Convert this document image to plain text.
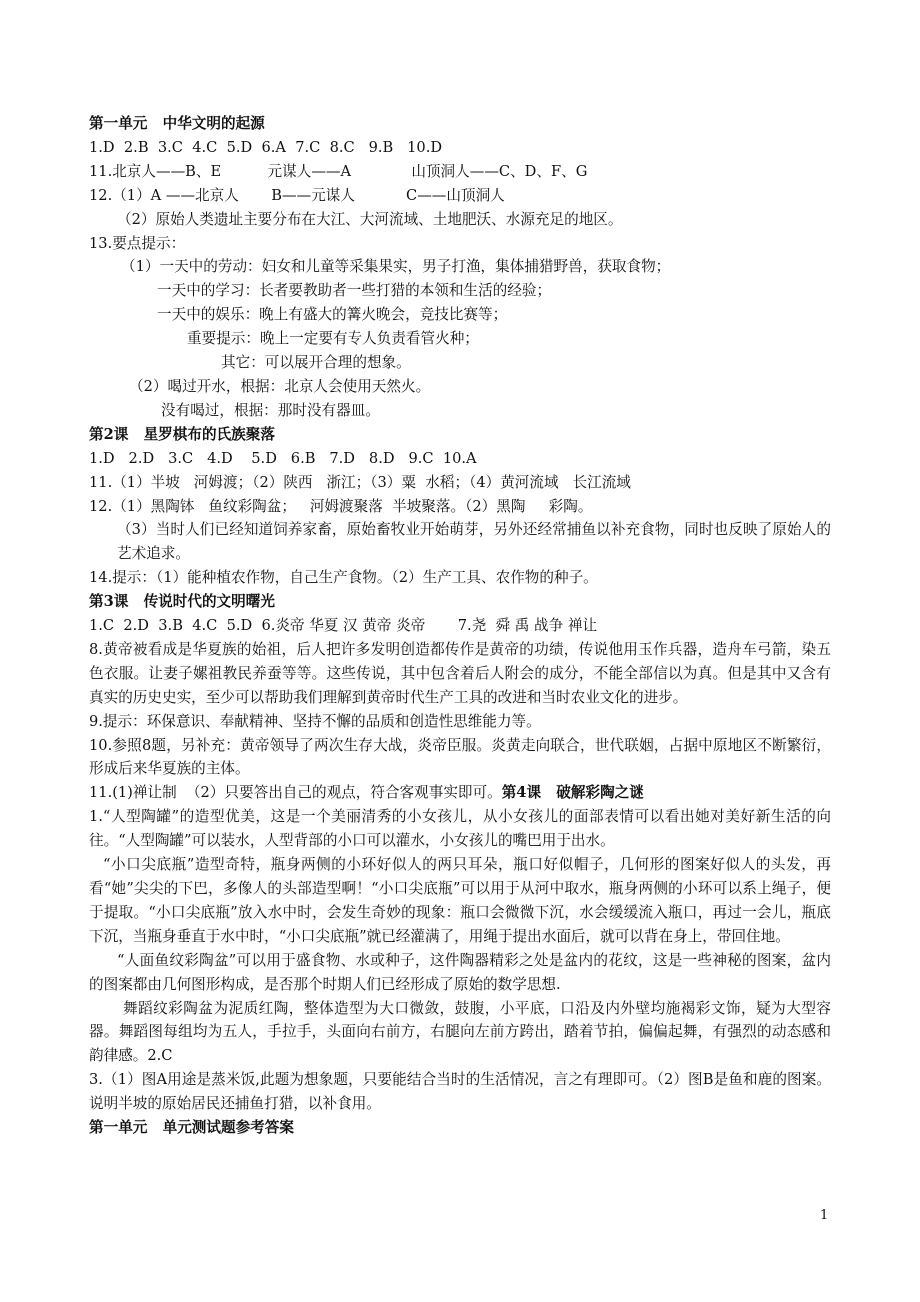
第一单元   中华文明的起源
1.D  2.B  3.C  4.C  5.D  6.A  7.C  8.C   9.B   10.D
11.北京人——B、E          元谋人——A             山顶洞人——C、D、F、G
12.（1）A ——北京人       B——元谋人           C——山顶洞人
（2）原始人类遗址主要分布在大江、大河流域、土地肥沃、水源充足的地区。
13.要点提示：
（1）一天中的劳动：妇女和儿童等采集果实，男子打渔，集体捕猎野兽，获取食物；
一天中的学习：长者要教助者一些打猎的本领和生活的经验；
一天中的娱乐：晚上有盛大的篝火晚会，竞技比赛等；
重要提示：晚上一定要有专人负责看管火种；
其它：可以展开合理的想象。
（2）喝过开水，根据：北京人会使用天然火。
没有喝过，根据：那时没有器皿。
第2课   星罗棋布的氏族聚落
1.D   2.D   3.C   4.D    5.D   6.B   7.D   8.D   9.C  10.A
11.（1）半坡   河姆渡；（2）陕西   浙江；（3）粟  水稻；（4）黄河流域   长江流域
12.（1）黑陶钵   鱼纹彩陶盆；   河姆渡聚落  半坡聚落。（2）黑陶     彩陶。
（3）当时人们已经知道饲养家畜，原始畜牧业开始萌芽，另外还经常捕鱼以补充食物，同时也反映了原始人的艺术追求。
14.提示：（1）能种植农作物，自己生产食物。（2）生产工具、农作物的种子。
第3课   传说时代的文明曙光
1.C  2.D  3.B  4.C  5.D  6.炎帝 华夏 汉 黄帝 炎帝       7.尧  舜 禹 战争 禅让
8.黄帝被看成是华夏族的始祖，后人把许多发明创造都传作是黄帝的功绩，传说他用玉作兵器，造舟车弓箭，染五色衣服。让妻子嫘祖教民养蚕等等。这些传说，其中包含着后人附会的成分，不能全部信以为真。但是其中又含有真实的历史史实，至少可以帮助我们理解到黄帝时代生产工具的改进和当时农业文化的进步。
9.提示：环保意识、奉献精神、坚持不懈的品质和创造性思维能力等。
10.参照8题，另补充：黄帝领导了两次生存大战，炎帝臣服。炎黄走向联合，世代联姻，占据中原地区不断繁衍，形成后来华夏族的主体。
11.(1)禅让制  （2）只要答出自己的观点，符合客观事实即可。第4课   破解彩陶之谜
1.“人型陶罐”的造型优美，这是一个美丽清秀的小女孩儿，从小女孩儿的面部表情可以看出她对美好新生活的向往。“人型陶罐”可以装水，人型背部的小口可以灌水，小女孩儿的嘴巴用于出水。
“小口尖底瓶”造型奇特，瓶身两侧的小环好似人的两只耳朵，瓶口好似帽子，几何形的图案好似人的头发，再看“她”尖尖的下巴，多像人的头部造型啊！“小口尖底瓶”可以用于从河中取水，瓶身两侧的小环可以系上绳子，便于提取。“小口尖底瓶”放入水中时，会发生奇妙的现象：瓶口会微微下沉，水会缓缓流入瓶口，再过一会儿，瓶底下沉，当瓶身垂直于水中时，“小口尖底瓶”就已经灌满了，用绳于提出水面后，就可以背在身上，带回住地。
“人面鱼纹彩陶盆”可以用于盛食物、水或种子，这件陶器精彩之处是盆内的花纹，这是一些神秘的图案，盆内的图案都由几何图形构成，是否那个时期人们已经形成了原始的数学思想.
舞蹈纹彩陶盆为泥质红陶，整体造型为大口微敛，鼓腹，小平底，口沿及内外壁均施褐彩文饰，疑为大型容器。舞蹈图每组均为五人，手拉手，头面向右前方，右腿向左前方跨出，踏着节拍，偏偏起舞，有强烈的动态感和韵律感。2.C
3.（1）图A用途是蒸米饭,此题为想象题，只要能结合当时的生活情况，言之有理即可。（2）图B是鱼和鹿的图案。说明半坡的原始居民还捕鱼打猎，以补食用。
第一单元   单元测试题参考答案
1
